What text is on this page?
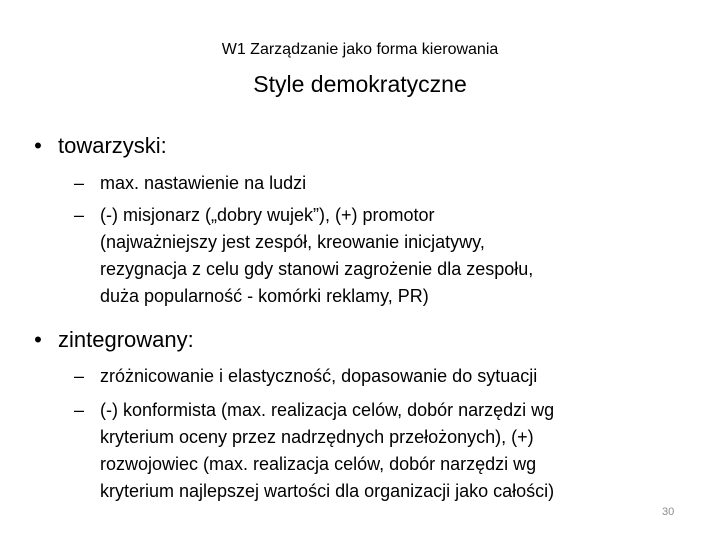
W1 Zarządzanie jako forma kierowania
Style demokratyczne
• towarzyski:
– max. nastawienie na ludzi
– (-) misjonarz („dobry wujek”), (+) promotor
(najważniejszy jest zespół, kreowanie inicjatywy,
rezygnacja z celu gdy stanowi zagrożenie dla zespołu,
duża popularność - komórki reklamy, PR)
• zintegrowany:
– zróżnicowanie i elastyczność, dopasowanie do sytuacji
– (-) konformista (max. realizacja celów, dobór narzędzi wg
kryterium oceny przez nadrzędnych przełożonych), (+)
rozwojowiec (max. realizacja celów, dobór narzędzi wg
kryterium najlepszej wartości dla organizacji jako całości)
30
